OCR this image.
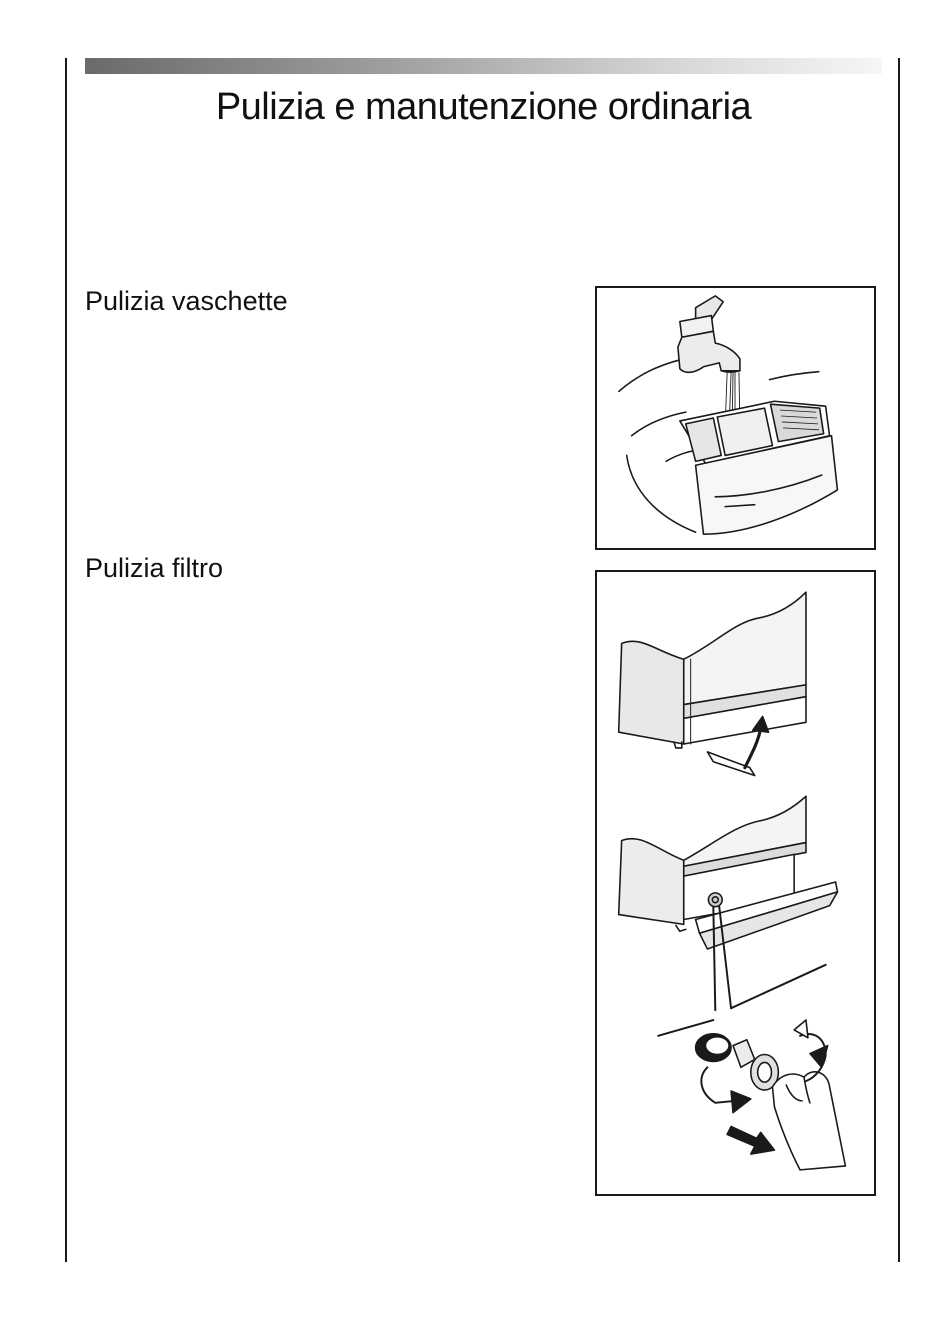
Pulizia e manutenzione ordinaria
Pulizia vaschette
Pulizia filtro
